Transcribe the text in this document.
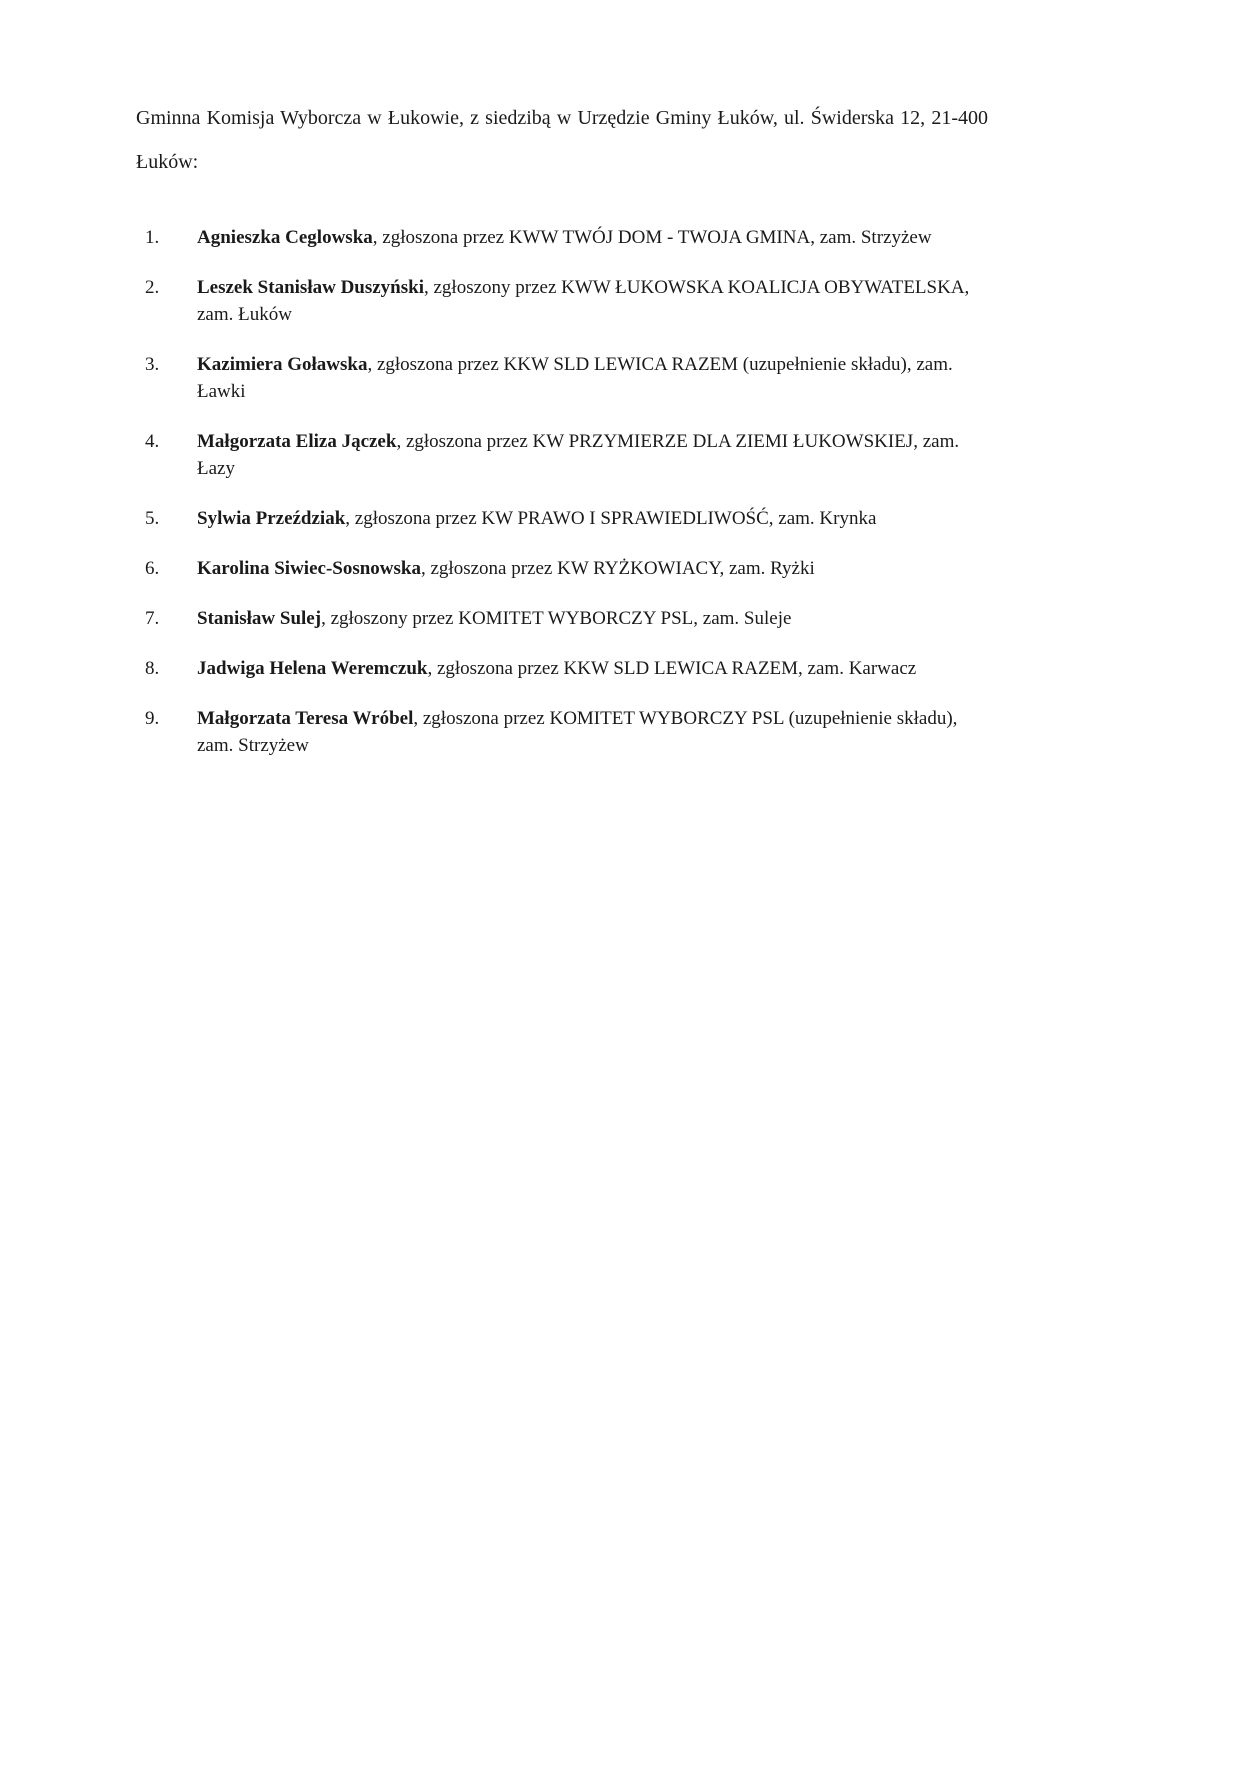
Gminna Komisja Wyborcza w Łukowie, z siedzibą w Urzędzie Gminy Łuków, ul. Świderska 12, 21-400 Łuków:

1.	Agnieszka Ceglowska, zgłoszona przez KWW TWÓJ DOM - TWOJA GMINA, zam. Strzyżew

2.	Leszek Stanisław Duszyński, zgłoszony przez KWW ŁUKOWSKA KOALICJA OBYWATELSKA, zam. Łuków

3.	Kazimiera Goławska, zgłoszona przez KKW SLD LEWICA RAZEM (uzupełnienie składu), zam. Ławki

4.	Małgorzata Eliza Jączek, zgłoszona przez KW PRZYMIERZE DLA ZIEMI ŁUKOWSKIEJ, zam. Łazy

5.	Sylwia Przeździak, zgłoszona przez KW PRAWO I SPRAWIEDLIWOŚĆ, zam. Krynka

6.	Karolina Siwiec-Sosnowska, zgłoszona przez KW RYŻKOWIACY, zam. Ryżki

7.	Stanisław Sulej, zgłoszony przez KOMITET WYBORCZY PSL, zam. Suleje

8.	Jadwiga Helena Weremczuk, zgłoszona przez KKW SLD LEWICA RAZEM, zam. Karwacz

9.	Małgorzata Teresa Wróbel, zgłoszona przez KOMITET WYBORCZY PSL (uzupełnienie składu), zam. Strzyżew
